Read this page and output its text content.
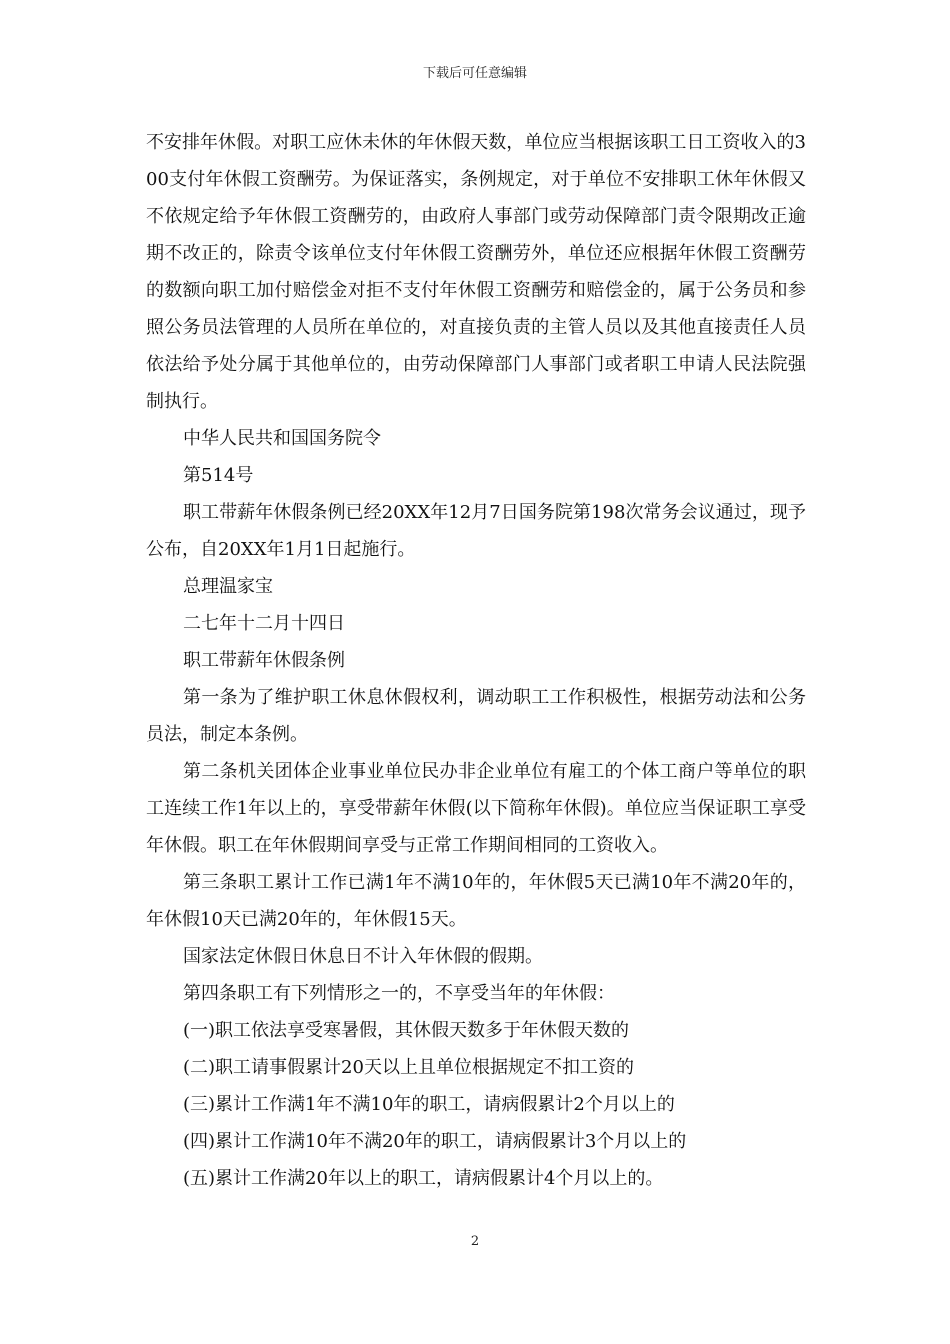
下载后可任意编辑

不安排年休假。对职工应休未休的年休假天数，单位应当根据该职工日工资收入的300支付年休假工资酬劳。为保证落实，条例规定，对于单位不安排职工休年休假又不依规定给予年休假工资酬劳的，由政府人事部门或劳动保障部门责令限期改正逾期不改正的，除责令该单位支付年休假工资酬劳外，单位还应根据年休假工资酬劳的数额向职工加付赔偿金对拒不支付年休假工资酬劳和赔偿金的，属于公务员和参照公务员法管理的人员所在单位的，对直接负责的主管人员以及其他直接责任人员依法给予处分属于其他单位的，由劳动保障部门人事部门或者职工申请人民法院强制执行。

中华人民共和国国务院令

第514号

职工带薪年休假条例已经20XX年12月7日国务院第198次常务会议通过，现予公布，自20XX年1月1日起施行。

总理温家宝

二七年十二月十四日

职工带薪年休假条例

第一条为了维护职工休息休假权利，调动职工工作积极性，根据劳动法和公务员法，制定本条例。

第二条机关团体企业事业单位民办非企业单位有雇工的个体工商户等单位的职工连续工作1年以上的，享受带薪年休假(以下简称年休假)。单位应当保证职工享受年休假。职工在年休假期间享受与正常工作期间相同的工资收入。

第三条职工累计工作已满1年不满10年的，年休假5天已满10年不满20年的，年休假10天已满20年的，年休假15天。

国家法定休假日休息日不计入年休假的假期。

第四条职工有下列情形之一的，不享受当年的年休假：

(一)职工依法享受寒暑假，其休假天数多于年休假天数的

(二)职工请事假累计20天以上且单位根据规定不扣工资的

(三)累计工作满1年不满10年的职工，请病假累计2个月以上的

(四)累计工作满10年不满20年的职工，请病假累计3个月以上的

(五)累计工作满20年以上的职工，请病假累计4个月以上的。

2
